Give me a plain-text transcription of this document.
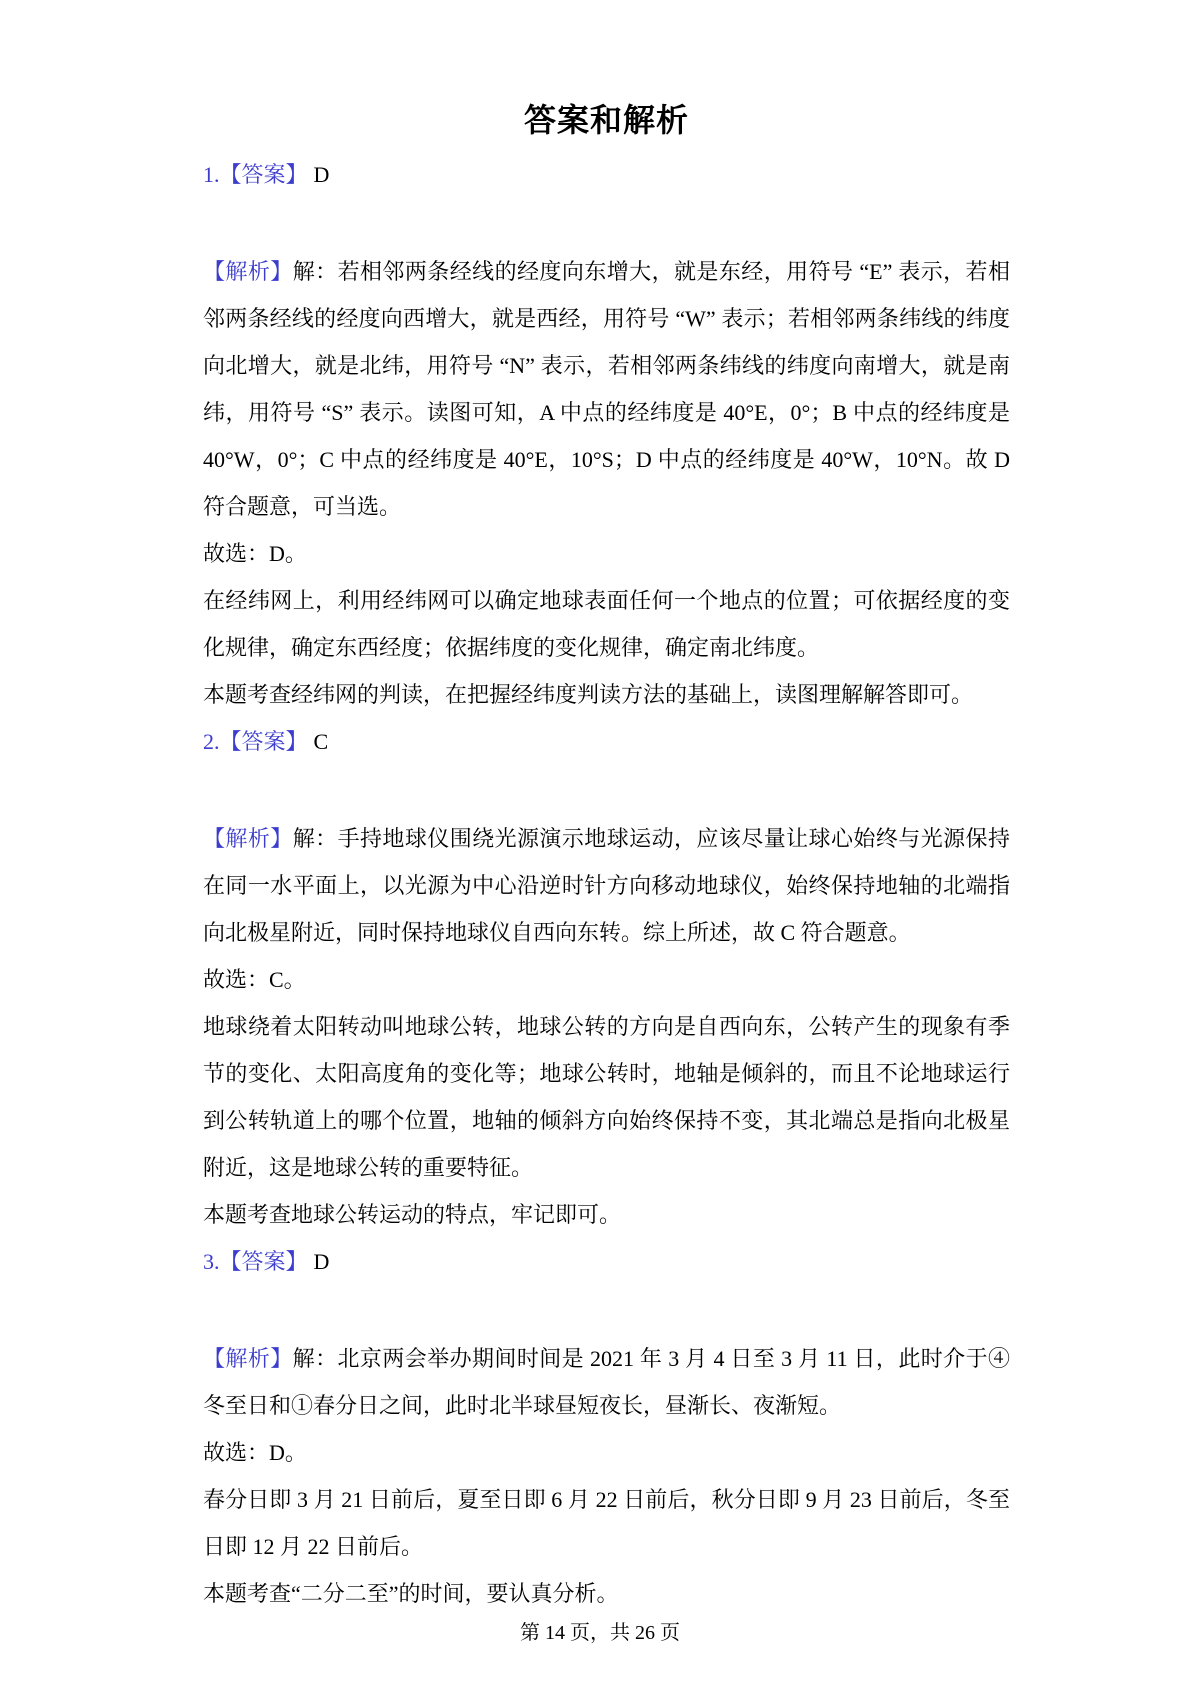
答案和解析

1.【答案】 D

【解析】解：若相邻两条经线的经度向东增大，就是东经，用符号 “E” 表示，若相邻两条经线的经度向西增大，就是西经，用符号 “W” 表示；若相邻两条纬线的纬度向北增大，就是北纬，用符号 “N” 表示，若相邻两条纬线的纬度向南增大，就是南纬，用符号 “S” 表示。读图可知，A 中点的经纬度是 40°E，0°；B 中点的经纬度是 40°W，0°；C 中点的经纬度是 40°E，10°S；D 中点的经纬度是 40°W，10°N。故 D 符合题意，可当选。

故选：D。

在经纬网上，利用经纬网可以确定地球表面任何一个地点的位置；可依据经度的变化规律，确定东西经度；依据纬度的变化规律，确定南北纬度。

本题考查经纬网的判读，在把握经纬度判读方法的基础上，读图理解解答即可。

2.【答案】 C

【解析】解：手持地球仪围绕光源演示地球运动，应该尽量让球心始终与光源保持在同一水平面上，以光源为中心沿逆时针方向移动地球仪，始终保持地轴的北端指向北极星附近，同时保持地球仪自西向东转。综上所述，故 C 符合题意。

故选：C。

地球绕着太阳转动叫地球公转，地球公转的方向是自西向东，公转产生的现象有季节的变化、太阳高度角的变化等；地球公转时，地轴是倾斜的，而且不论地球运行到公转轨道上的哪个位置，地轴的倾斜方向始终保持不变，其北端总是指向北极星附近，这是地球公转的重要特征。

本题考查地球公转运动的特点，牢记即可。

3.【答案】 D

【解析】解：北京两会举办期间时间是 2021 年 3 月 4 日至 3 月 11 日，此时介于④冬至日和①春分日之间，此时北半球昼短夜长，昼渐长、夜渐短。

故选：D。

春分日即 3 月 21 日前后，夏至日即 6 月 22 日前后，秋分日即 9 月 23 日前后，冬至日即 12 月 22 日前后。

本题考查“二分二至”的时间，要认真分析。

第 14 页，共 26 页
